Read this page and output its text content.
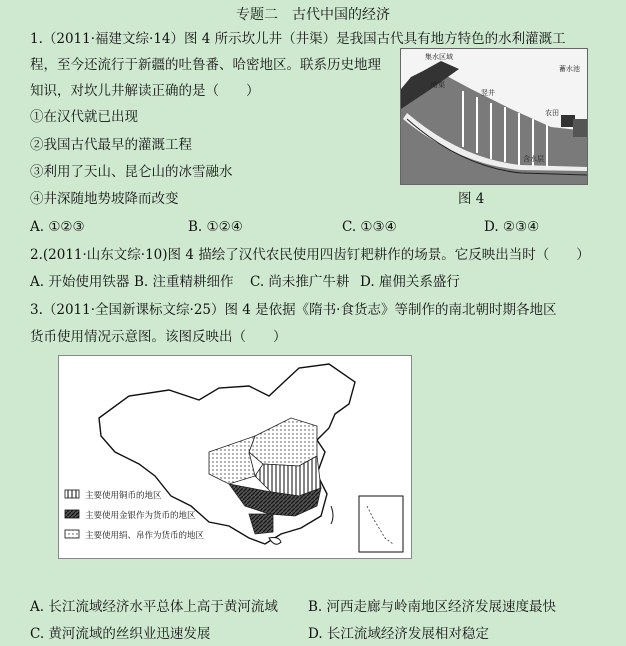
专题二　古代中国的经济
1.（2011·福建文综·14）图 4 所示坎儿井（井渠）是我国古代具有地方特色的水利灌溉工
程，至今还流行于新疆的吐鲁番、哈密地区。联系历史地理
知识，对坎儿井解读正确的是（　　）
①在汉代就已出现
②我国古代最早的灌溉工程
③利用了天山、昆仑山的冰雪融水
④井深随地势坡降而改变	图 4
集水区域
暗渠
竖井
蓄水池
含水层
农田
A. ①②③	B. ①②④	C. ①③④	D. ②③④
2.(2011·山东文综·10)图 4 描绘了汉代农民使用四齿钉耙耕作的场景。它反映出当时（　　）
A. 开始使用铁器 B. 注重精耕细作 C. 尚未推广牛耕 D. 雇佣关系盛行
3.（2011·全国新课标文综·25）图 4 是依据《隋书·食货志》等制作的南北朝时期各地区
货币使用情况示意图。该图反映出（　　）
主要使用铜币的地区
主要使用金银作为货币的地区
主要使用绢、帛作为货币的地区
A. 长江流域经济水平总体上高于黄河流域 B. 河西走廊与岭南地区经济发展速度最快
C. 黄河流域的丝织业迅速发展	D. 长江流域经济发展相对稳定
